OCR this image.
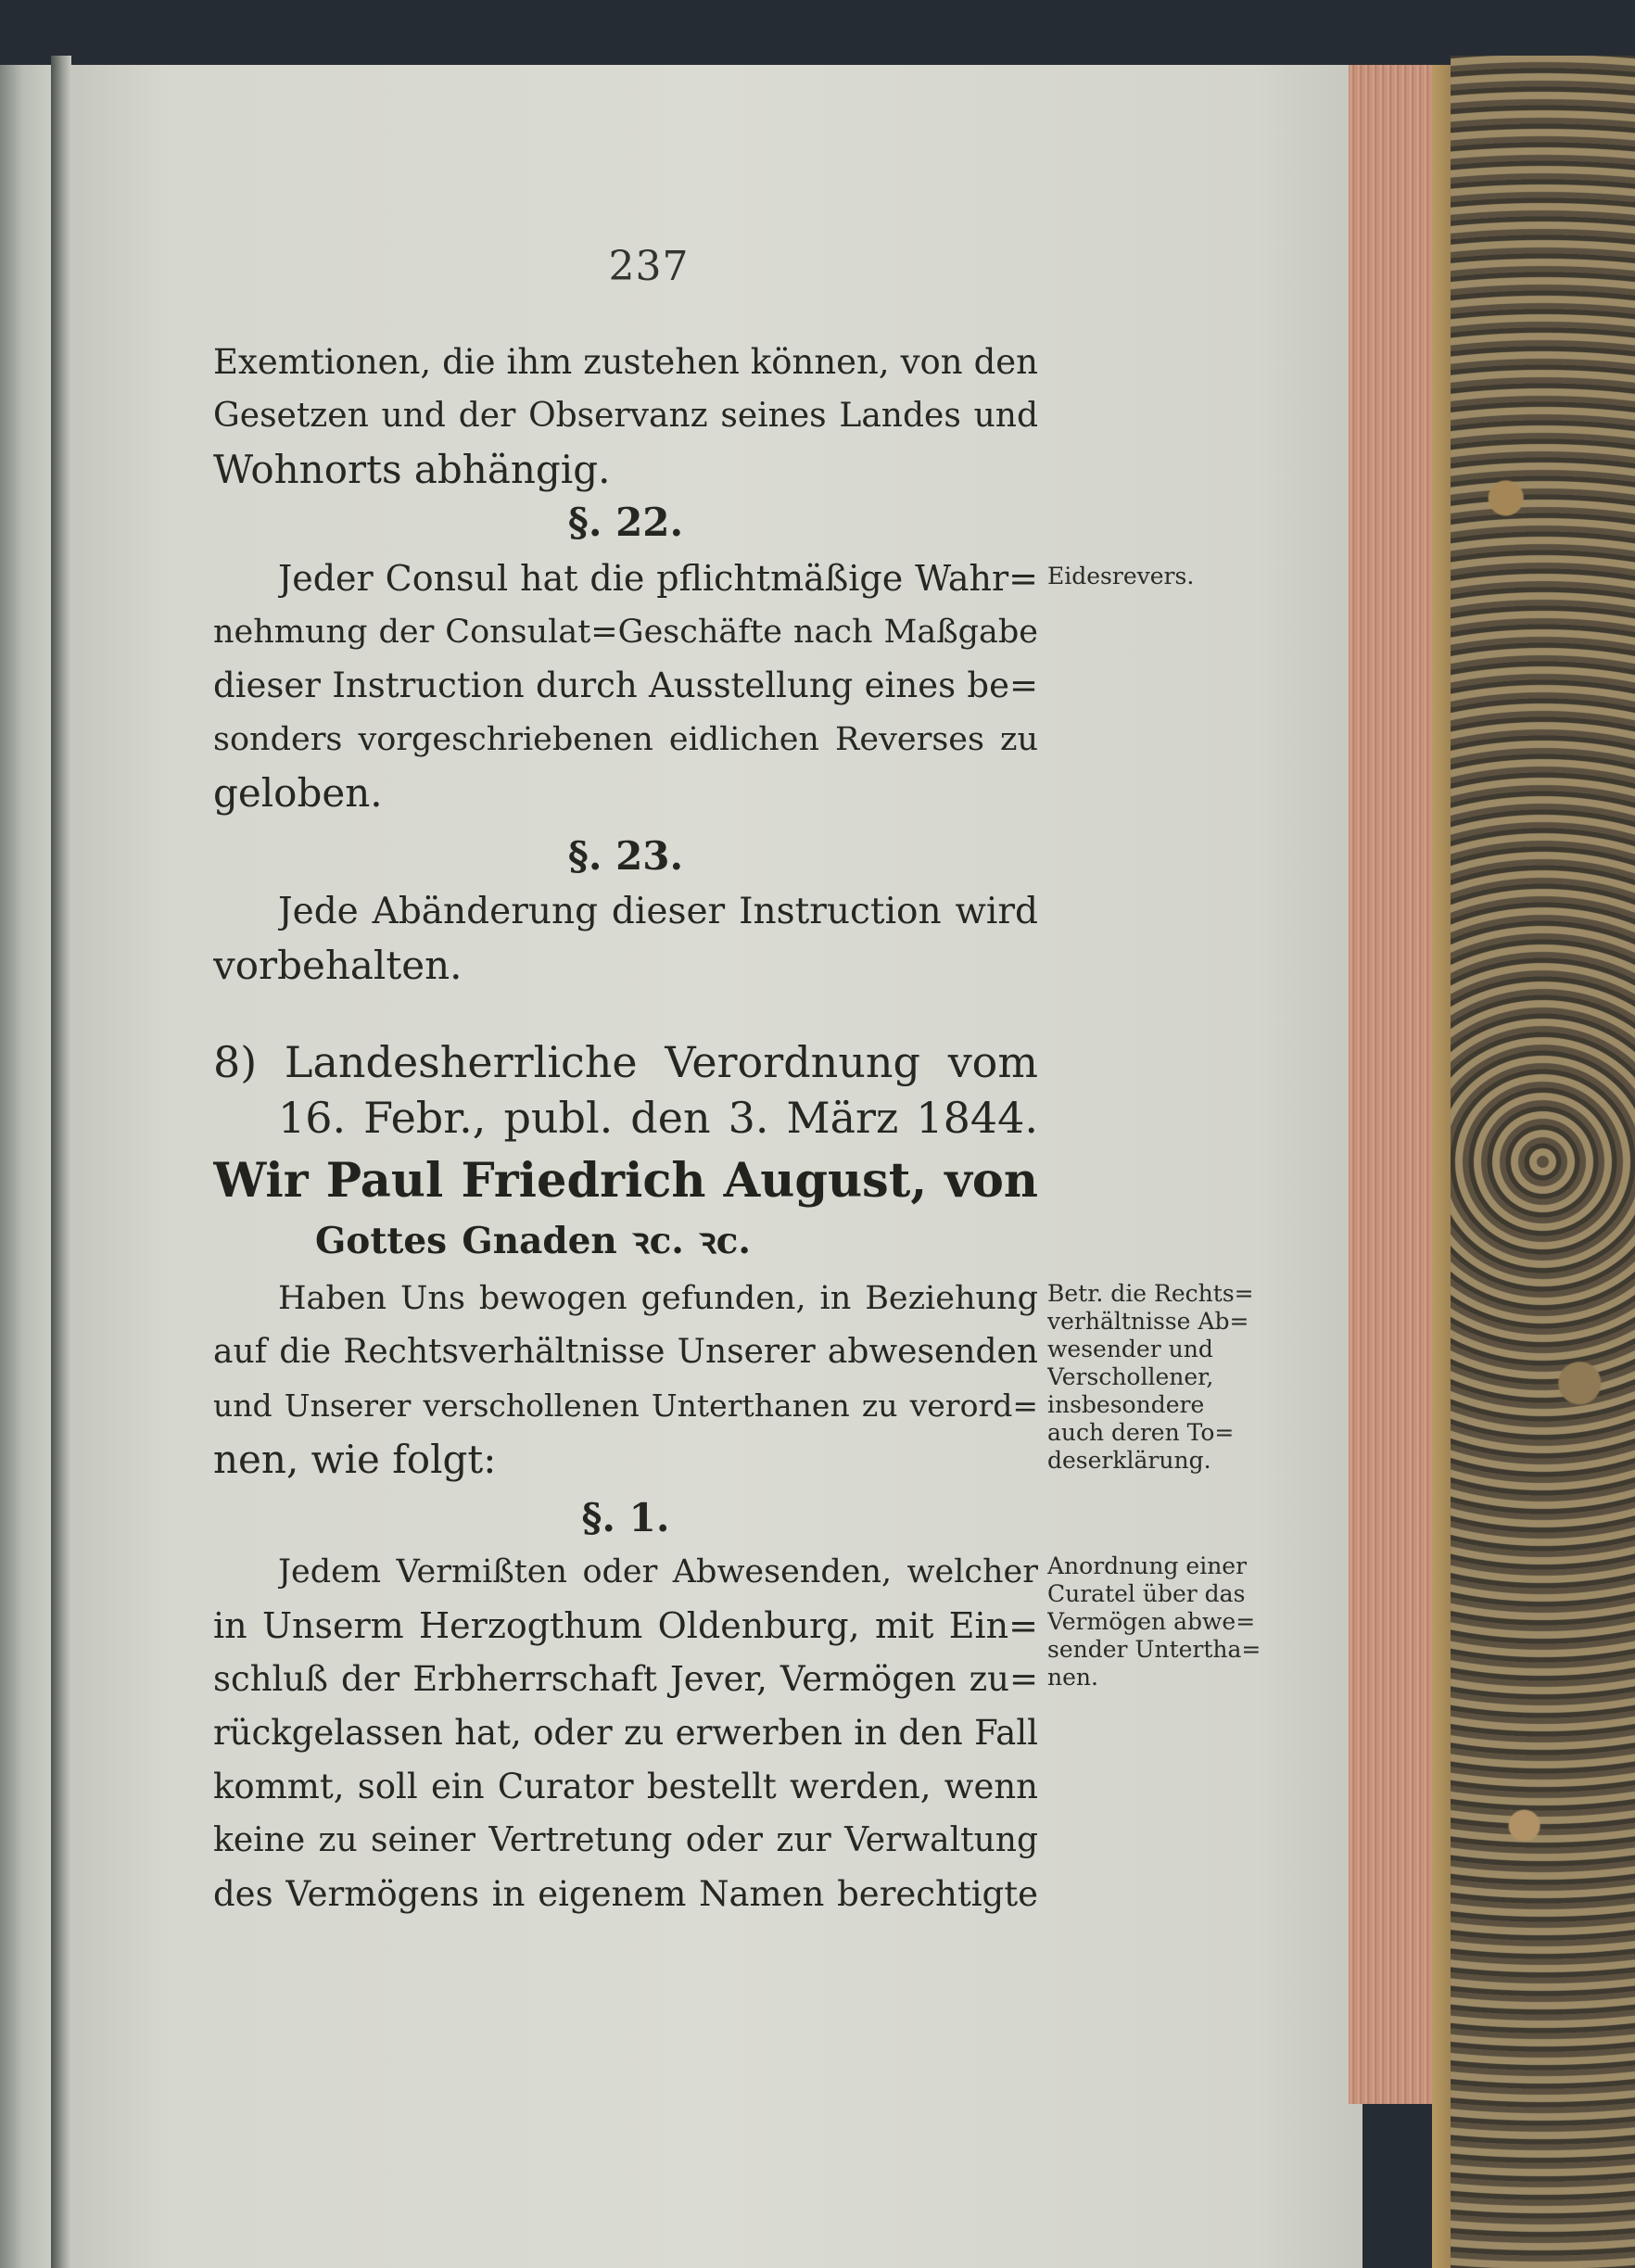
237
Exemtionen, die ihm zustehen können, von den
Gesetzen und der Observanz seines Landes und
Wohnorts abhängig.
§. 22.
Jeder Consul hat die pflichtmäßige Wahr=
nehmung der Consulat=Geschäfte nach Maßgabe
dieser Instruction durch Ausstellung eines be=
sonders vorgeschriebenen eidlichen Reverses zu
geloben.
Eidesrevers.
§. 23.
Jede Abänderung dieser Instruction wird
vorbehalten.
8) Landesherrliche Verordnung vom
16. Febr., publ. den 3. März 1844.
Wir Paul Friedrich August, von
Gottes Gnaden ꝛc. ꝛc.
Haben Uns bewogen gefunden, in Beziehung
auf die Rechtsverhältnisse Unserer abwesenden
und Unserer verschollenen Unterthanen zu verord=
nen, wie folgt:
Betr. die Rechts=
verhältnisse Ab=
wesender und
Verschollener,
insbesondere
auch deren To=
deserklärung.
§. 1.
Jedem Vermißten oder Abwesenden, welcher
in Unserm Herzogthum Oldenburg, mit Ein=
schluß der Erbherrschaft Jever, Vermögen zu=
rückgelassen hat, oder zu erwerben in den Fall
kommt, soll ein Curator bestellt werden, wenn
keine zu seiner Vertretung oder zur Verwaltung
des Vermögens in eigenem Namen berechtigte
Anordnung einer
Curatel über das
Vermögen abwe=
sender Untertha=
nen.
